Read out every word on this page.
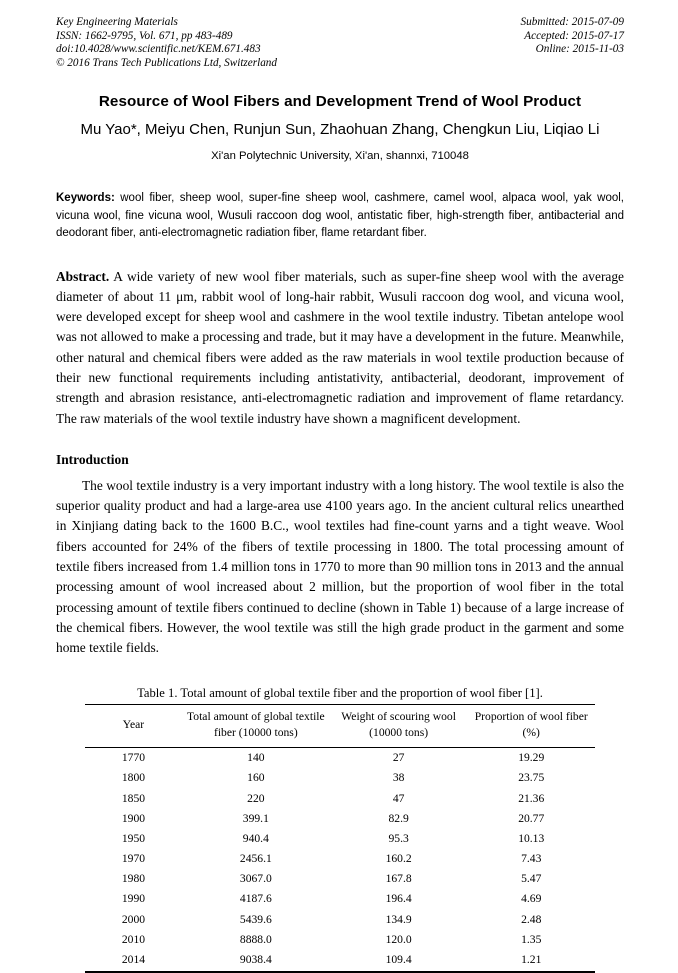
Key Engineering Materials
ISSN: 1662-9795, Vol. 671, pp 483-489
doi:10.4028/www.scientific.net/KEM.671.483
© 2016 Trans Tech Publications Ltd, Switzerland
Submitted: 2015-07-09
Accepted: 2015-07-17
Online: 2015-11-03
Resource of Wool Fibers and Development Trend of Wool Product
Mu Yao*, Meiyu Chen, Runjun Sun, Zhaohuan Zhang, Chengkun Liu, Liqiao Li
Xi'an Polytechnic University, Xi'an, shannxi, 710048
Keywords: wool fiber, sheep wool, super-fine sheep wool, cashmere, camel wool, alpaca wool, yak wool, vicuna wool, fine vicuna wool, Wusuli raccoon dog wool, antistatic fiber, high-strength fiber, antibacterial and deodorant fiber, anti-electromagnetic radiation fiber, flame retardant fiber.
Abstract. A wide variety of new wool fiber materials, such as super-fine sheep wool with the average diameter of about 11 μm, rabbit wool of long-hair rabbit, Wusuli raccoon dog wool, and vicuna wool, were developed except for sheep wool and cashmere in the wool textile industry. Tibetan antelope wool was not allowed to make a processing and trade, but it may have a development in the future. Meanwhile, other natural and chemical fibers were added as the raw materials in wool textile production because of their new functional requirements including antistativity, antibacterial, deodorant, improvement of strength and abrasion resistance, anti-electromagnetic radiation and improvement of flame retardancy. The raw materials of the wool textile industry have shown a magnificent development.
Introduction
The wool textile industry is a very important industry with a long history. The wool textile is also the superior quality product and had a large-area use 4100 years ago. In the ancient cultural relics unearthed in Xinjiang dating back to the 1600 B.C., wool textiles had fine-count yarns and a tight weave. Wool fibers accounted for 24% of the fibers of textile processing in 1800. The total processing amount of textile fibers increased from 1.4 million tons in 1770 to more than 90 million tons in 2013 and the annual processing amount of wool increased about 2 million, but the proportion of wool fiber in the total processing amount of textile fibers continued to decline (shown in Table 1) because of a large increase of the chemical fibers. However, the wool textile was still the high grade product in the garment and some home textile fields.
Table 1. Total amount of global textile fiber and the proportion of wool fiber [1].
Year	Total amount of global textile fiber (10000 tons)	Weight of scouring wool (10000 tons)	Proportion of wool fiber (%)
1770	140	27	19.29
1800	160	38	23.75
1850	220	47	21.36
1900	399.1	82.9	20.77
1950	940.4	95.3	10.13
1970	2456.1	160.2	7.43
1980	3067.0	167.8	5.47
1990	4187.6	196.4	4.69
2000	5439.6	134.9	2.48
2010	8888.0	120.0	1.35
2014	9038.4	109.4	1.21
